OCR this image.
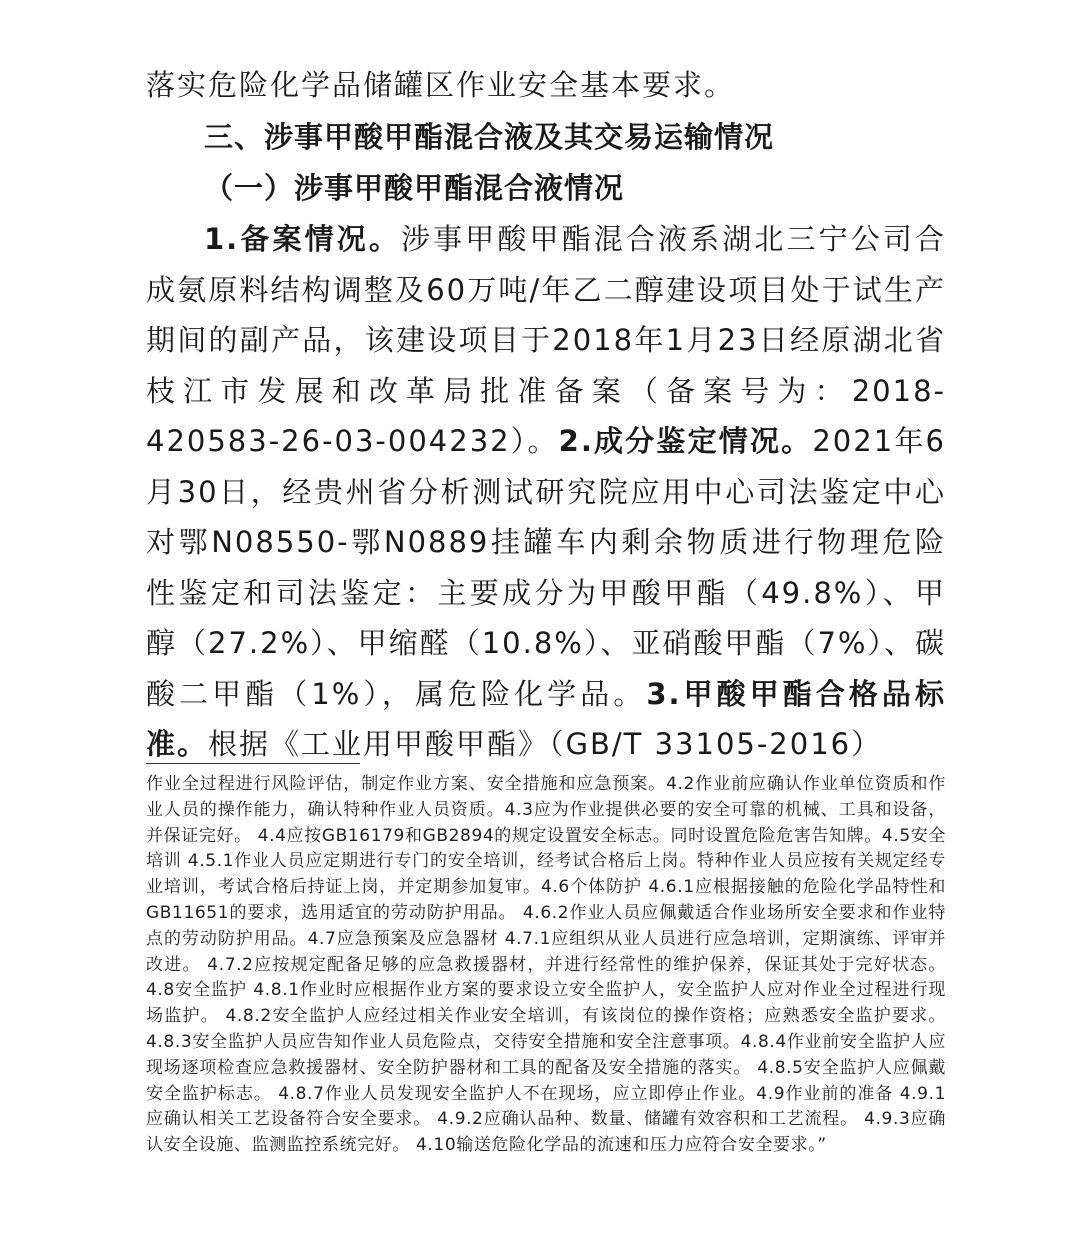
落实危险化学品储罐区作业安全基本要求。

三、涉事甲酸甲酯混合液及其交易运输情况
（一）涉事甲酸甲酯混合液情况

1.备案情况。涉事甲酸甲酯混合液系湖北三宁公司合成氨原料结构调整及60万吨/年乙二醇建设项目处于试生产期间的副产品，该建设项目于2018年1月23日经原湖北省枝江市发展和改革局批准备案（备案号为：2018-420583-26-03-004232）。2.成分鉴定情况。2021年6月30日，经贵州省分析测试研究院应用中心司法鉴定中心对鄂N08550-鄂N0889挂罐车内剩余物质进行物理危险性鉴定和司法鉴定：主要成分为甲酸甲酯（49.8%）、甲醇（27.2%）、甲缩醛（10.8%）、亚硝酸甲酯（7%）、碳酸二甲酯（1%），属危险化学品。3.甲酸甲酯合格品标准。根据《工业用甲酸甲酯》（GB/T 33105-2016）

作业全过程进行风险评估，制定作业方案、安全措施和应急预案。4.2作业前应确认作业单位资质和作业人员的操作能力，确认特种作业人员资质。4.3应为作业提供必要的安全可靠的机械、工具和设备，并保证完好。 4.4应按GB16179和GB2894的规定设置安全标志。同时设置危险危害告知牌。4.5安全培训 4.5.1作业人员应定期进行专门的安全培训，经考试合格后上岗。特种作业人员应按有关规定经专业培训，考试合格后持证上岗，并定期参加复审。4.6个体防护 4.6.1应根据接触的危险化学品特性和GB11651的要求，选用适宜的劳动防护用品。 4.6.2作业人员应佩戴适合作业场所安全要求和作业特点的劳动防护用品。4.7应急预案及应急器材 4.7.1应组织从业人员进行应急培训，定期演练、评审并改进。 4.7.2应按规定配备足够的应急救援器材，并进行经常性的维护保养，保证其处于完好状态。4.8安全监护 4.8.1作业时应根据作业方案的要求设立安全监护人，安全监护人应对作业全过程进行现场监护。 4.8.2安全监护人应经过相关作业安全培训，有该岗位的操作资格；应熟悉安全监护要求。4.8.3安全监护人员应告知作业人员危险点，交待安全措施和安全注意事项。4.8.4作业前安全监护人应现场逐项检查应急救援器材、安全防护器材和工具的配备及安全措施的落实。 4.8.5安全监护人应佩戴安全监护标志。 4.8.7作业人员发现安全监护人不在现场，应立即停止作业。4.9作业前的准备 4.9.1应确认相关工艺设备符合安全要求。 4.9.2应确认品种、数量、储罐有效容积和工艺流程。 4.9.3应确认安全设施、监测监控系统完好。 4.10输送危险化学品的流速和压力应符合安全要求。”
